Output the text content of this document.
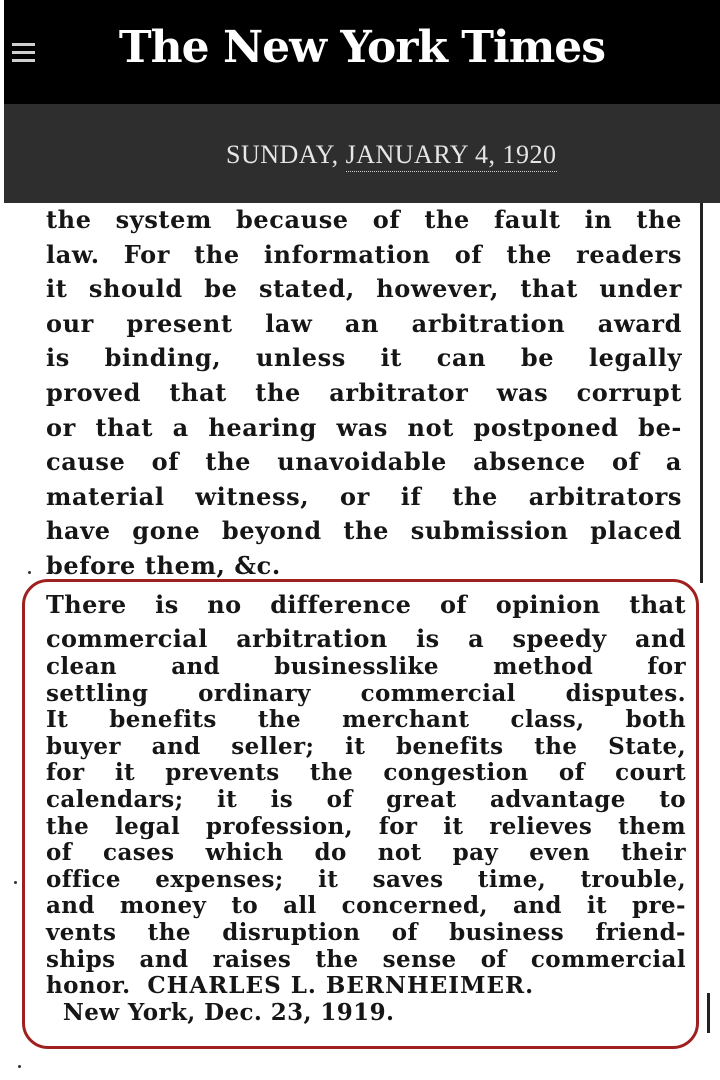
The New York Times
SUNDAY, JANUARY 4, 1920
the system because of the fault in the
law. For the information of the readers
it should be stated, however, that under
our present law an arbitration award
is binding, unless it can be legally
proved that the arbitrator was corrupt
or that a hearing was not postponed be-
cause of the unavoidable absence of a
material witness, or if the arbitrators
have gone beyond the submission placed
before them, &c.
There is no difference of opinion that
commercial arbitration is a speedy and
clean and businesslike method for
settling ordinary commercial disputes.
It benefits the merchant class, both
buyer and seller; it benefits the State,
for it prevents the congestion of court
calendars; it is of great advantage to
the legal profession, for it relieves them
of cases which do not pay even their
office expenses; it saves time, trouble,
and money to all concerned, and it pre-
vents the disruption of business friend-
ships and raises the sense of commercial
honor. CHARLES L. BERNHEIMER.
New York, Dec. 23, 1919.
